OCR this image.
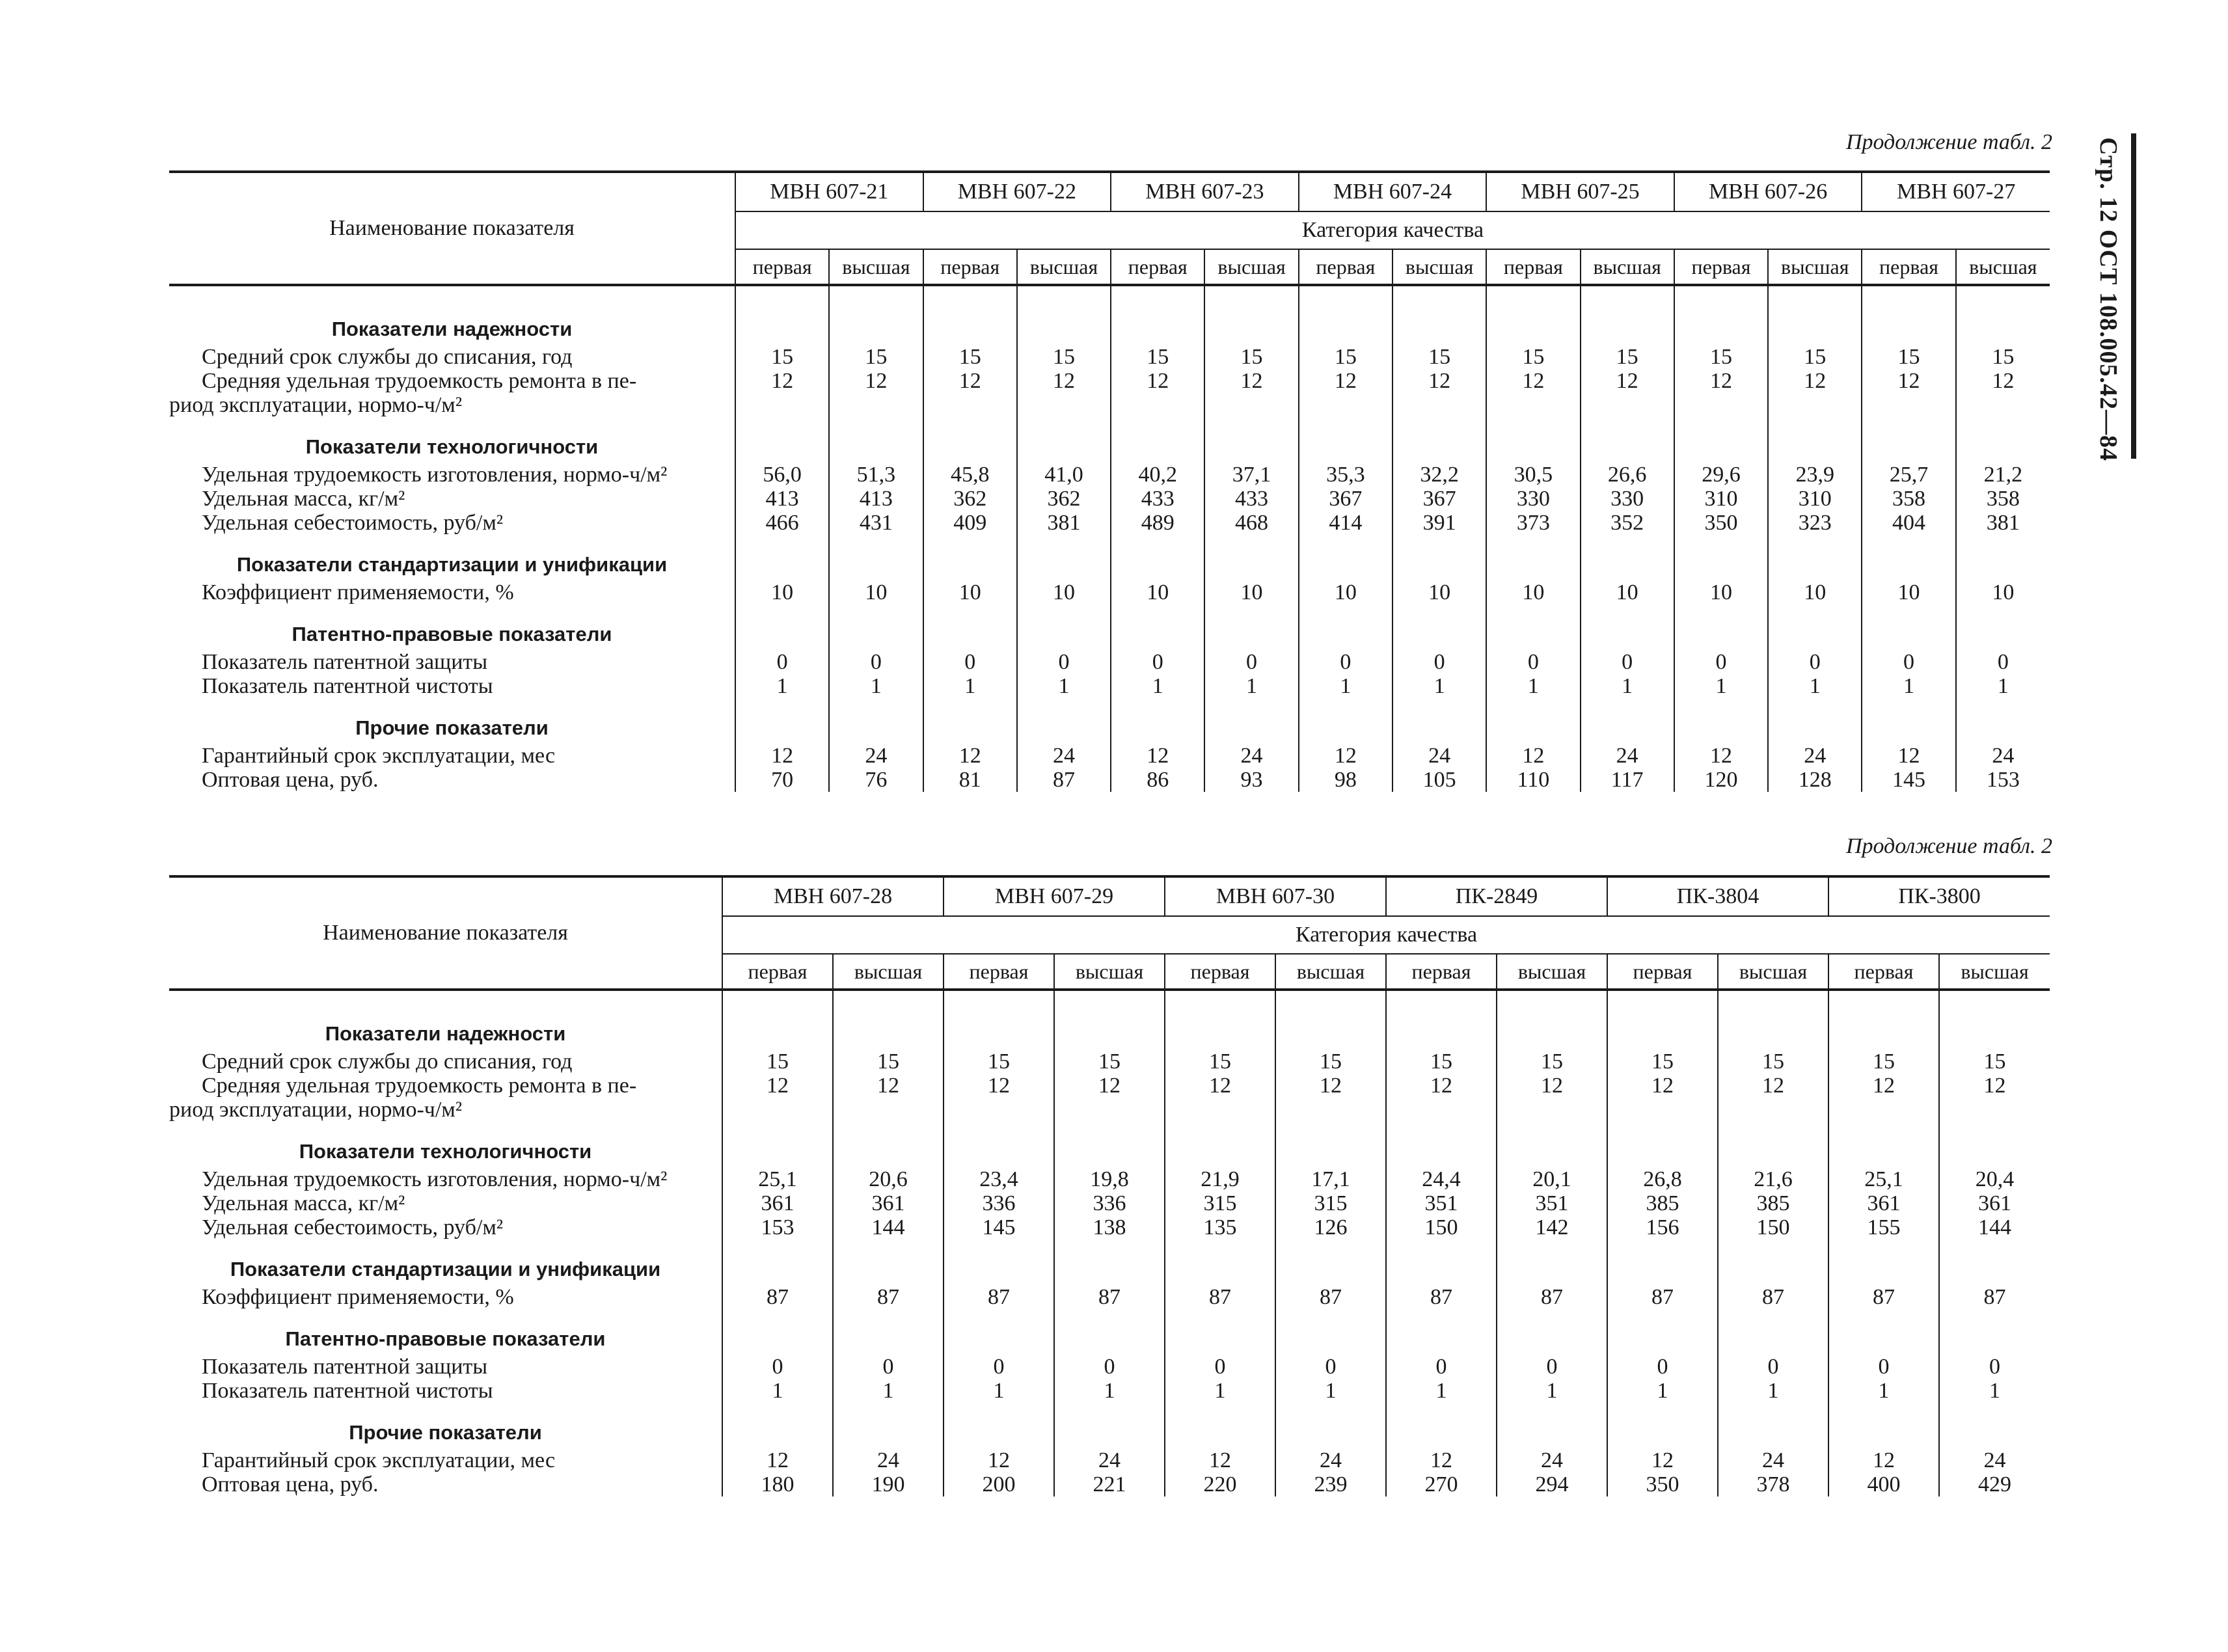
Стр. 12 ОСТ 108.005.42—84
Продолжение табл. 2
Наименование показателя	МВН 607-21		МВН 607-22		МВН 607-23		МВН 607-24		МВН 607-25		МВН 607-26		МВН 607-27	
	Категория качества													
	первая	высшая	первая	высшая	первая	высшая	первая	высшая	первая	высшая	первая	высшая	первая	высшая

Показатели надежности														
Средний срок службы до списания, год	15	15	15	15	15	15	15	15	15	15	15	15	15	15
Средняя удельная трудоемкость ремонта в пе-	12	12	12	12	12	12	12	12	12	12	12	12	12	12
риод эксплуатации, нормо-ч/м²														
Показатели технологичности														
Удельная трудоемкость изготовления, нормо-ч/м²	56,0	51,3	45,8	41,0	40,2	37,1	35,3	32,2	30,5	26,6	29,6	23,9	25,7	21,2
Удельная масса, кг/м²	413	413	362	362	433	433	367	367	330	330	310	310	358	358
Удельная себестоимость, руб/м²	466	431	409	381	489	468	414	391	373	352	350	323	404	381
Показатели стандартизации и унификации														
Коэффициент применяемости, %	10	10	10	10	10	10	10	10	10	10	10	10	10	10
Патентно-правовые показатели														
Показатель патентной защиты	0	0	0	0	0	0	0	0	0	0	0	0	0	0
Показатель патентной чистоты	1	1	1	1	1	1	1	1	1	1	1	1	1	1
Прочие показатели														
Гарантийный срок эксплуатации, мес	12	24	12	24	12	24	12	24	12	24	12	24	12	24
Оптовая цена, руб.	70	76	81	87	86	93	98	105	110	117	120	128	145	153
Продолжение табл. 2
Наименование показателя	МВН 607-28		МВН 607-29		МВН 607-30		ПК-2849		ПК-3804		ПК-3800	
	Категория качества											
	первая	высшая	первая	высшая	первая	высшая	первая	высшая	первая	высшая	первая	высшая

Показатели надежности												
Средний срок службы до списания, год	15	15	15	15	15	15	15	15	15	15	15	15
Средняя удельная трудоемкость ремонта в пе-	12	12	12	12	12	12	12	12	12	12	12	12
риод эксплуатации, нормо-ч/м²												
Показатели технологичности												
Удельная трудоемкость изготовления, нормо-ч/м²	25,1	20,6	23,4	19,8	21,9	17,1	24,4	20,1	26,8	21,6	25,1	20,4
Удельная масса, кг/м²	361	361	336	336	315	315	351	351	385	385	361	361
Удельная себестоимость, руб/м²	153	144	145	138	135	126	150	142	156	150	155	144
Показатели стандартизации и унификации												
Коэффициент применяемости, %	87	87	87	87	87	87	87	87	87	87	87	87
Патентно-правовые показатели												
Показатель патентной защиты	0	0	0	0	0	0	0	0	0	0	0	0
Показатель патентной чистоты	1	1	1	1	1	1	1	1	1	1	1	1
Прочие показатели												
Гарантийный срок эксплуатации, мес	12	24	12	24	12	24	12	24	12	24	12	24
Оптовая цена, руб.	180	190	200	221	220	239	270	294	350	378	400	429
